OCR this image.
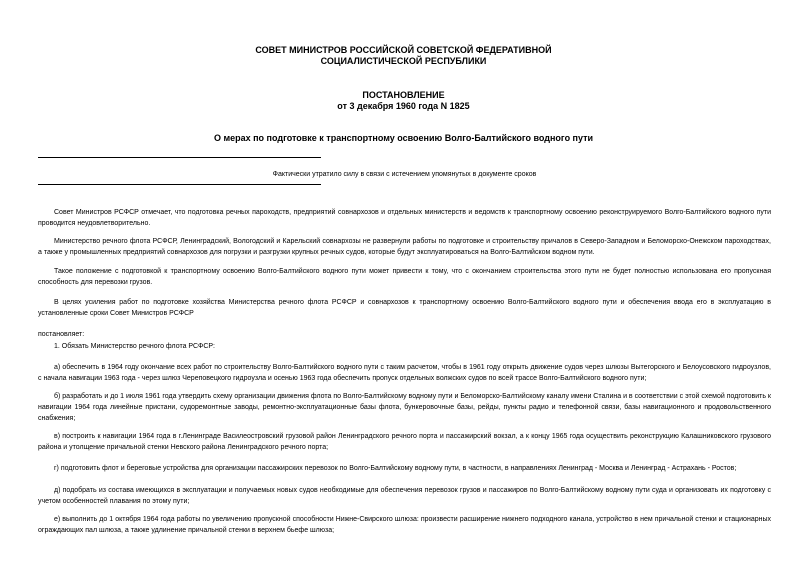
СОВЕТ МИНИСТРОВ РОССИЙСКОЙ СОВЕТСКОЙ ФЕДЕРАТИВНОЙ
СОЦИАЛИСТИЧЕСКОЙ РЕСПУБЛИКИ
ПОСТАНОВЛЕНИЕ
от 3 декабря 1960 года N 1825
О мерах по подготовке к транспортному освоению Волго-Балтийского водного пути
Фактически утратило силу в связи с истечением упомянутых в документе сроков

Совет Министров РСФСР отмечает, что подготовка речных пароходств, предприятий совнархозов и отдельных министерств и ведомств к транспортному освоению реконструируемого Волго-Балтийского водного пути проводится неудовлетворительно.

Министерство речного флота РСФСР, Ленинградский, Вологодский и Карельский совнархозы не развернули работы по подготовке и строительству причалов в Северо-Западном и Беломорско-Онежском пароходствах, а также у промышленных предприятий совнархозов для погрузки и разгрузки крупных речных судов, которые будут эксплуатироваться на Волго-Балтийском водном пути.

Такое положение с подготовкой к транспортному освоению Волго-Балтийского водного пути может привести к тому, что с окончанием строительства этого пути не будет полностью использована его пропускная способность для перевозки грузов.

В целях усиления работ по подготовке хозяйства Министерства речного флота РСФСР и совнархозов к транспортному освоению Волго-Балтийского водного пути и обеспечения ввода его в эксплуатацию в установленные сроки Совет Министров РСФСР

постановляет:

1. Обязать Министерство речного флота РСФСР:

а) обеспечить в 1964 году окончание всех работ по строительству Волго-Балтийского водного пути с таким расчетом, чтобы в 1961 году открыть движение судов через шлюзы Вытегорского и Белоусовского гидроузлов, с начала навигации 1963 года - через шлюз Череповецкого гидроузла и осенью 1963 года обеспечить пропуск отдельных волжских судов по всей трассе Волго-Балтийского водного пути;

б) разработать и до 1 июля 1961 года утвердить схему организации движения флота по Волго-Балтийскому водному пути и Беломорско-Балтийскому каналу имени Сталина и в соответствии с этой схемой подготовить к навигации 1964 года линейные пристани, судоремонтные заводы, ремонтно-эксплуатационные базы флота, бункеровочные базы, рейды, пункты радио и телефонной связи, базы навигационного и продовольственного снабжения;

в) построить к навигации 1964 года в г.Ленинграде Василеостровский грузовой район Ленинградского речного порта и пассажирский вокзал, а к концу 1965 года осуществить реконструкцию Калашниковского грузового района и утолщение причальной стенки Невского района Ленинградского речного порта;

г) подготовить флот и береговые устройства для организации пассажирских перевозок по Волго-Балтийскому водному пути, в частности, в направлениях Ленинград - Москва и Ленинград - Астрахань - Ростов;

д) подобрать из состава имеющихся в эксплуатации и получаемых новых судов необходимые для обеспечения перевозок грузов и пассажиров по Волго-Балтийскому водному пути суда и организовать их подготовку с учетом особенностей плавания по этому пути;

е) выполнить до 1 октября 1964 года работы по увеличению пропускной способности Нижне-Свирского шлюза: произвести расширение нижнего подходного канала, устройство в нем причальной стенки и стационарных ограждающих пал шлюза, а также удлинение причальной стенки в верхнем бьефе шлюза;
